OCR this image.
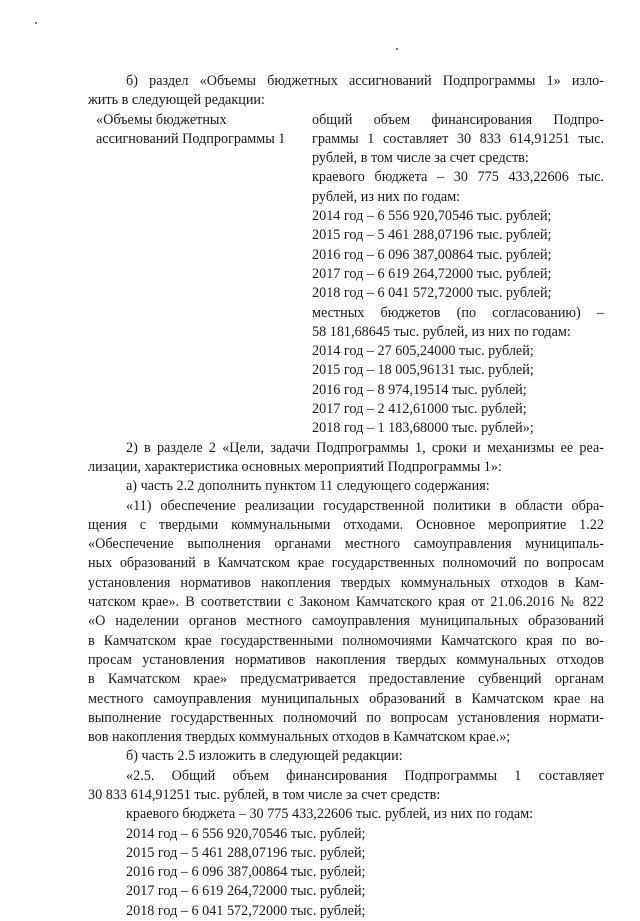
б) раздел «Объемы бюджетных ассигнований Подпрограммы 1» изло-
жить в следующей редакции:
«Объемы бюджетных
ассигнований Подпрограммы 1
общий объем финансирования Подпро-
граммы 1 составляет 30 833 614,91251 тыс.
рублей, в том числе за счет средств:
краевого бюджета – 30 775 433,22606 тыс.
рублей, из них по годам:
2014 год – 6 556 920,70546 тыс. рублей;
2015 год – 5 461 288,07196 тыс. рублей;
2016 год – 6 096 387,00864 тыс. рублей;
2017 год – 6 619 264,72000 тыс. рублей;
2018 год – 6 041 572,72000 тыс. рублей;
местных бюджетов (по согласованию) –
58 181,68645 тыс. рублей, из них по годам:
2014 год – 27 605,24000 тыс. рублей;
2015 год – 18 005,96131 тыс. рублей;
2016 год – 8 974,19514 тыс. рублей;
2017 год – 2 412,61000 тыс. рублей;
2018 год – 1 183,68000 тыс. рублей»;
2) в разделе 2 «Цели, задачи Подпрограммы 1, сроки и механизмы ее реа-
лизации, характеристика основных мероприятий Подпрограммы 1»:
а) часть 2.2 дополнить пунктом 11 следующего содержания:
«11) обеспечение реализации государственной политики в области обра-
щения с твердыми коммунальными отходами. Основное мероприятие 1.22
«Обеспечение выполнения органами местного самоуправления муниципаль-
ных образований в Камчатском крае государственных полномочий по вопросам
установления нормативов накопления твердых коммунальных отходов в Кам-
чатском крае». В соответствии с Законом Камчатского края от 21.06.2016 № 822
«О наделении органов местного самоуправления муниципальных образований
в Камчатском крае государственными полномочиями Камчатского края по во-
просам установления нормативов накопления твердых коммунальных отходов
в Камчатском крае» предусматривается предоставление субвенций органам
местного самоуправления муниципальных образований в Камчатском крае на
выполнение государственных полномочий по вопросам установления нормати-
вов накопления твердых коммунальных отходов в Камчатском крае.»;
б) часть 2.5 изложить в следующей редакции:
«2.5. Общий объем финансирования Подпрограммы 1 составляет
30 833 614,91251 тыс. рублей, в том числе за счет средств:
краевого бюджета – 30 775 433,22606 тыс. рублей, из них по годам:
2014 год – 6 556 920,70546 тыс. рублей;
2015 год – 5 461 288,07196 тыс. рублей;
2016 год – 6 096 387,00864 тыс. рублей;
2017 год – 6 619 264,72000 тыс. рублей;
2018 год – 6 041 572,72000 тыс. рублей;
